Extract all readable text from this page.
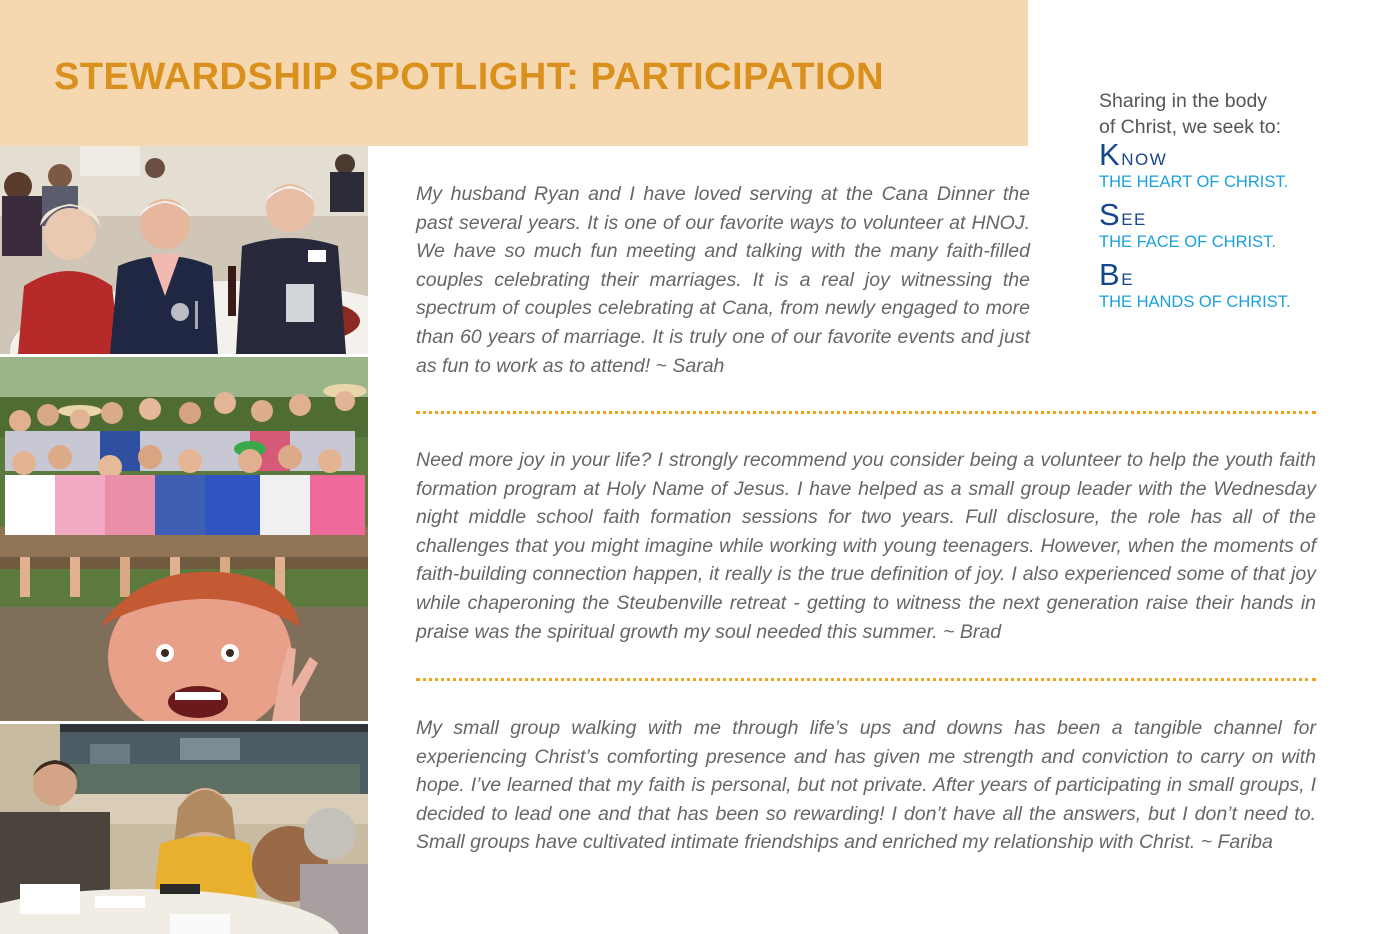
STEWARDSHIP SPOTLIGHT: PARTICIPATION
Sharing in the body
of Christ, we seek to:
Know
THE HEART OF CHRIST.
See
THE FACE OF CHRIST.
Be
THE HANDS OF CHRIST.

My husband Ryan and I have loved serving at the Cana Dinner the past several years. It is one of our favorite ways to volunteer at HNOJ. We have so much fun meeting and talking with the many faith-filled couples celebrating their marriages. It is a real joy witnessing the spectrum of couples celebrating at Cana, from newly engaged to more than 60 years of marriage. It is truly one of our favorite events and just as fun to work as to attend! ~ Sarah

Need more joy in your life? I strongly recommend you consider being a volunteer to help the youth faith formation program at Holy Name of Jesus. I have helped as a small group leader with the Wednesday night middle school faith formation sessions for two years. Full disclosure, the role has all of the challenges that you might imagine while working with young teenagers. However, when the moments of faith-building connection happen, it really is the true definition of joy. I also experienced some of that joy while chaperoning the Steubenville retreat - getting to witness the next generation raise their hands in praise was the spiritual growth my soul needed this summer. ~ Brad

My small group walking with me through life’s ups and downs has been a tangible channel for experiencing Christ’s comforting presence and has given me strength and conviction to carry on with hope. I’ve learned that my faith is personal, but not private. After years of participating in small groups, I decided to lead one and that has been so rewarding! I don’t have all the answers, but I don’t need to. Small groups have cultivated intimate friendships and enriched my relationship with Christ. ~ Fariba
